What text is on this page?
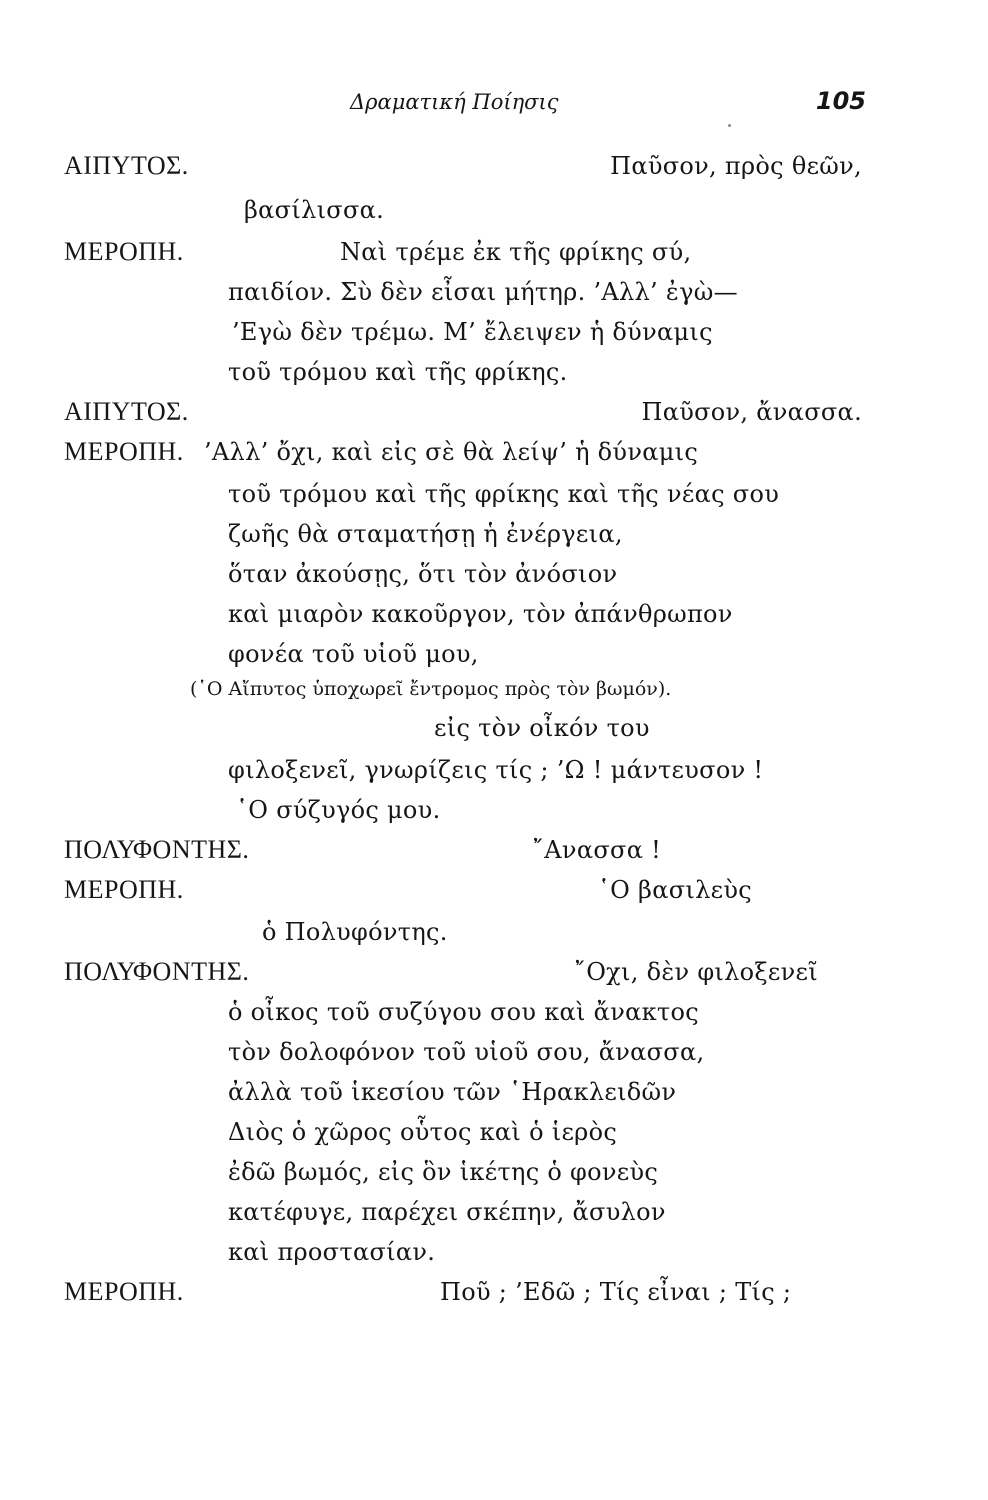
Δραματική Ποίησις	105
ΑΙΠΥΤΟΣ.	Παῦσον, πρὸς θεῶν,
βασίλισσα.
ΜΕΡΟΠΗ.	Ναὶ τρέμε ἐκ τῆς φρίκης σύ,
παιδίον. Σὺ δὲν εἶσαι μήτηρ. ’Αλλ’ ἐγὼ—
’Εγὼ δὲν τρέμω. Μ’ ἔλειψεν ἡ δύναμις
τοῦ τρόμου καὶ τῆς φρίκης.
ΑΙΠΥΤΟΣ.	Παῦσον, ἄνασσα.
ΜΕΡΟΠΗ. ’Αλλ’ ὄχι, καὶ εἰς σὲ θὰ λείψ’ ἡ δύναμις
τοῦ τρόμου καὶ τῆς φρίκης καὶ τῆς νέας σου
ζωῆς θὰ σταματήσῃ ἡ ἐνέργεια,
ὅταν ἀκούσῃς, ὅτι τὸν ἀνόσιον
καὶ μιαρὸν κακοῦργον, τὸν ἀπάνθρωπον
φονέα τοῦ υἱοῦ μου,
(῾Ο Αἴπυτος ὑποχωρεῖ ἔντρομος πρὸς τὸν βωμόν).
εἰς τὸν οἶκόν του
φιλοξενεῖ, γνωρίζεις τίς ; ’Ω ! μάντευσον !
῾Ο σύζυγός μου.
ΠΟΛΥΦΟΝΤΗΣ.	῎Ανασσα !
ΜΕΡΟΠΗ.	῾Ο βασιλεὺς
ὁ Πολυφόντης.
ΠΟΛΥΦΟΝΤΗΣ.	῎Οχι, δὲν φιλοξενεῖ
ὁ οἶκος τοῦ συζύγου σου καὶ ἄνακτος
τὸν δολοφόνον τοῦ υἱοῦ σου, ἄνασσα,
ἀλλὰ τοῦ ἱκεσίου τῶν ῾Ηρακλειδῶν
Διὸς ὁ χῶρος οὗτος καὶ ὁ ἱερὸς
ἐδῶ βωμός, εἰς ὃν ἱκέτης ὁ φονεὺς
κατέφυγε, παρέχει σκέπην, ἄσυλον
καὶ προστασίαν.
ΜΕΡΟΠΗ.	Ποῦ ; ’Εδῶ ; Τίς εἶναι ; Τίς ;
